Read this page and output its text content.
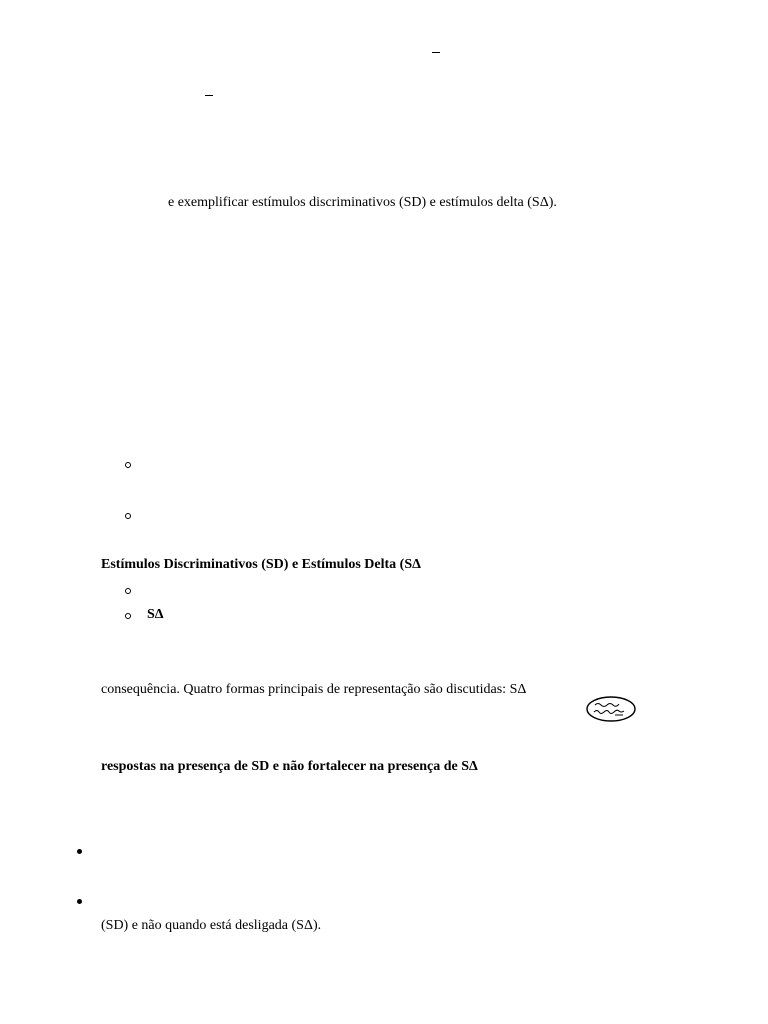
e exemplificar estímulos discriminativos (SD) e estímulos delta (SΔ).
Estímulos Discriminativos (SD) e Estímulos Delta (SΔ
SΔ
consequência. Quatro formas principais de representação são discutidas: SΔ
respostas na presença de SD e não fortalecer na presença de SΔ
(SD) e não quando está desligada (SΔ).
